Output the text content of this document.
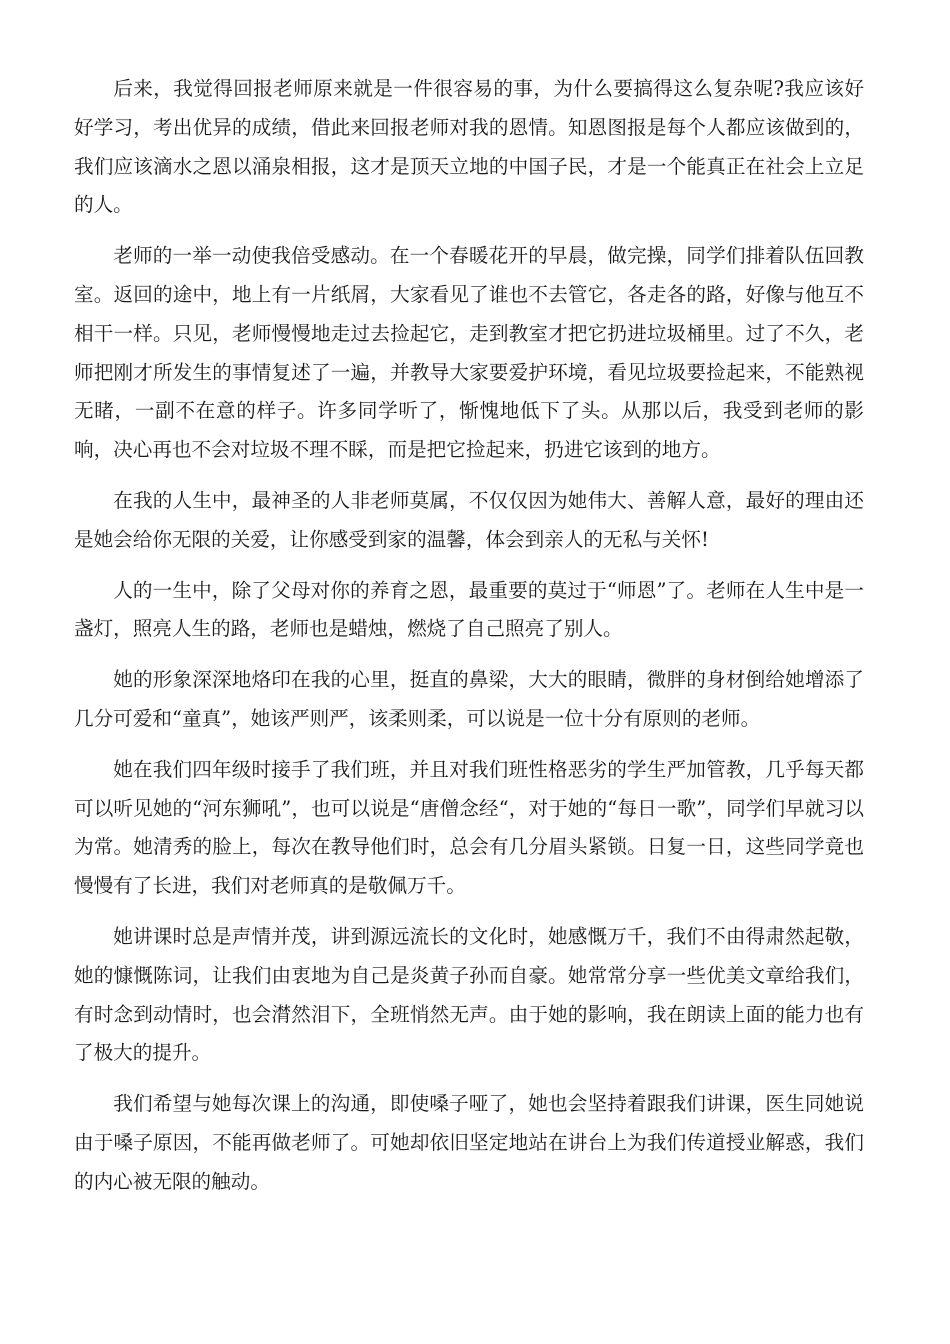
后来，我觉得回报老师原来就是一件很容易的事，为什么要搞得这么复杂呢?我应该好好学习，考出优异的成绩，借此来回报老师对我的恩情。知恩图报是每个人都应该做到的，我们应该滴水之恩以涌泉相报，这才是顶天立地的中国子民，才是一个能真正在社会上立足的人。

老师的一举一动使我倍受感动。在一个春暖花开的早晨，做完操，同学们排着队伍回教室。返回的途中，地上有一片纸屑，大家看见了谁也不去管它，各走各的路，好像与他互不相干一样。只见，老师慢慢地走过去捡起它，走到教室才把它扔进垃圾桶里。过了不久，老师把刚才所发生的事情复述了一遍，并教导大家要爱护环境，看见垃圾要捡起来，不能熟视无睹，一副不在意的样子。许多同学听了，惭愧地低下了头。从那以后，我受到老师的影响，决心再也不会对垃圾不理不睬，而是把它捡起来，扔进它该到的地方。

在我的人生中，最神圣的人非老师莫属，不仅仅因为她伟大、善解人意，最好的理由还是她会给你无限的关爱，让你感受到家的温馨，体会到亲人的无私与关怀!

人的一生中，除了父母对你的养育之恩，最重要的莫过于“师恩”了。老师在人生中是一盏灯，照亮人生的路，老师也是蜡烛，燃烧了自己照亮了别人。

她的形象深深地烙印在我的心里，挺直的鼻梁，大大的眼睛，微胖的身材倒给她增添了几分可爱和“童真”，她该严则严，该柔则柔，可以说是一位十分有原则的老师。

她在我们四年级时接手了我们班，并且对我们班性格恶劣的学生严加管教，几乎每天都可以听见她的“河东狮吼”，也可以说是“唐僧念经“，对于她的“每日一歌”，同学们早就习以为常。她清秀的脸上，每次在教导他们时，总会有几分眉头紧锁。日复一日，这些同学竟也慢慢有了长进，我们对老师真的是敬佩万千。

她讲课时总是声情并茂，讲到源远流长的文化时，她感慨万千，我们不由得肃然起敬，她的慷慨陈词，让我们由衷地为自己是炎黄子孙而自豪。她常常分享一些优美文章给我们，有时念到动情时，也会潸然泪下，全班悄然无声。由于她的影响，我在朗读上面的能力也有了极大的提升。

我们希望与她每次课上的沟通，即使嗓子哑了，她也会坚持着跟我们讲课，医生同她说由于嗓子原因，不能再做老师了。可她却依旧坚定地站在讲台上为我们传道授业解惑，我们的内心被无限的触动。
